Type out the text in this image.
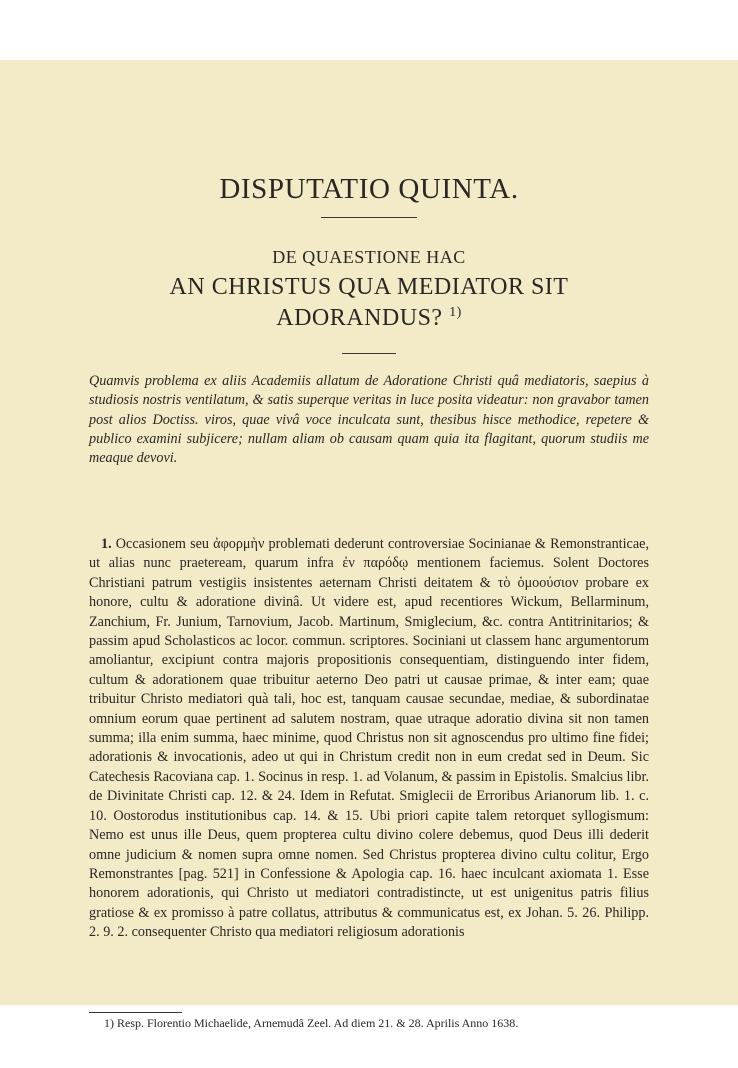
DISPUTATIO QUINTA.
DE QUAESTIONE HAC
AN CHRISTUS QUA MEDIATOR SIT
ADORANDUS? $^{1)}$
Quamvis problema ex aliis Academiis allatum de Adoratione Christi quâ mediatoris, saepius à studiosis nostris ventilatum, & satis superque veritas in luce posita videatur: non gravabor tamen post alios Doctiss. viros, quae vivâ voce inculcata sunt, thesibus hisce methodice, repetere & publico examini subjicere; nullam aliam ob causam quam quia ita flagitant, quorum studiis me meaque devovi.
1. Occasionem seu ἀφορμὴν problemati dederunt controversiae Socinianae & Remonstranticae, ut alias nunc praeteream, quarum infra ἐν παρόδῳ mentionem faciemus. Solent Doctores Christiani patrum vestigiis insistentes aeternam Christi deitatem & τὸ ὁμοούσιον probare ex honore, cultu & adoratione divinâ. Ut videre est, apud recentiores Wickum, Bellarminum, Zanchium, Fr. Junium, Tarnovium, Jacob. Martinum, Smiglecium, &c. contra Antitrinitarios; & passim apud Scholasticos ac locor. commun. scriptores. Sociniani ut classem hanc argumentorum amoliantur, excipiunt contra majoris propositionis consequentiam, distinguendo inter fidem, cultum & adorationem quae tribuitur aeterno Deo patri ut causae primae, & inter eam; quae tribuitur Christo mediatori quà tali, hoc est, tanquam causae secundae, mediae, & subordinatae omnium eorum quae pertinent ad salutem nostram, quae utraque adoratio divina sit non tamen summa; illa enim summa, haec minime, quod Christus non sit agnoscendus pro ultimo fine fidei; adorationis & invocationis, adeo ut qui in Christum credit non in eum credat sed in Deum. Sic Catechesis Racoviana cap. 1. Socinus in resp. 1. ad Volanum, & passim in Epistolis. Smalcius libr. de Divinitate Christi cap. 12. & 24. Idem in Refutat. Smiglecii de Erroribus Arianorum lib. 1. c. 10. Oostorodus institutionibus cap. 14. & 15. Ubi priori capite talem retorquet syllogismum: Nemo est unus ille Deus, quem propterea cultu divino colere debemus, quod Deus illi dederit omne judicium & nomen supra omne nomen. Sed Christus propterea divino cultu colitur, Ergo Remonstrantes [pag. 521] in Confessione & Apologia cap. 16. haec inculcant axiomata 1. Esse honorem adorationis, qui Christo ut mediatori contradistincte, ut est unigenitus patris filius gratiose & ex promisso à patre collatus, attributus & communicatus est, ex Johan. 5. 26. Philipp. 2. 9. 2. consequenter Christo qua mediatori religiosum adorationis
1) Resp. Florentio Michaelide, Arnemudâ Zeel. Ad diem 21. & 28. Aprilis Anno 1638.
